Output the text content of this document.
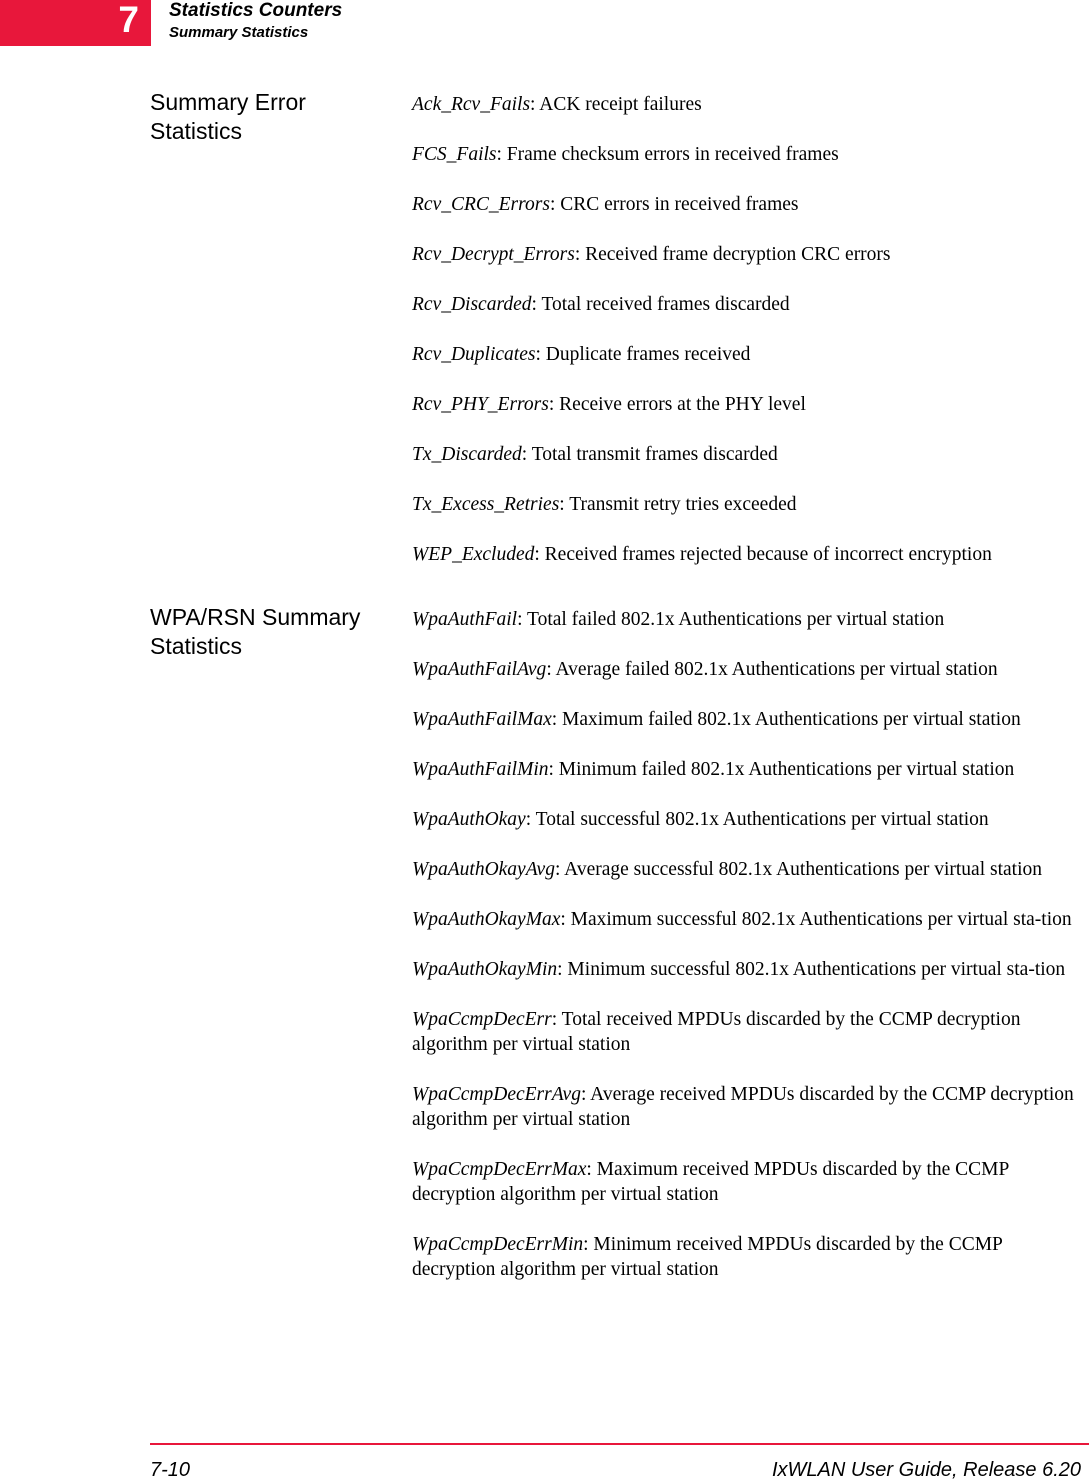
7 Statistics Counters
Summary Statistics
Summary Error Statistics

Ack_Rcv_Fails: ACK receipt failures

FCS_Fails: Frame checksum errors in received frames

Rcv_CRC_Errors: CRC errors in received frames

Rcv_Decrypt_Errors: Received frame decryption CRC errors

Rcv_Discarded: Total received frames discarded

Rcv_Duplicates: Duplicate frames received

Rcv_PHY_Errors: Receive errors at the PHY level

Tx_Discarded: Total transmit frames discarded

Tx_Excess_Retries: Transmit retry tries exceeded

WEP_Excluded: Received frames rejected because of incorrect encryption

WPA/RSN Summary Statistics

WpaAuthFail: Total failed 802.1x Authentications per virtual station

WpaAuthFailAvg: Average failed 802.1x Authentications per virtual station

WpaAuthFailMax: Maximum failed 802.1x Authentications per virtual station

WpaAuthFailMin: Minimum failed 802.1x Authentications per virtual station

WpaAuthOkay: Total successful 802.1x Authentications per virtual station

WpaAuthOkayAvg: Average successful 802.1x Authentications per virtual station

WpaAuthOkayMax: Maximum successful 802.1x Authentications per virtual sta-tion

WpaAuthOkayMin: Minimum successful 802.1x Authentications per virtual sta-tion

WpaCcmpDecErr: Total received MPDUs discarded by the CCMP decryption algorithm per virtual station

WpaCcmpDecErrAvg: Average received MPDUs discarded by the CCMP decryption algorithm per virtual station

WpaCcmpDecErrMax: Maximum received MPDUs discarded by the CCMP decryption algorithm per virtual station

WpaCcmpDecErrMin: Minimum received MPDUs discarded by the CCMP decryption algorithm per virtual station

7-10	IxWLAN User Guide, Release 6.20
